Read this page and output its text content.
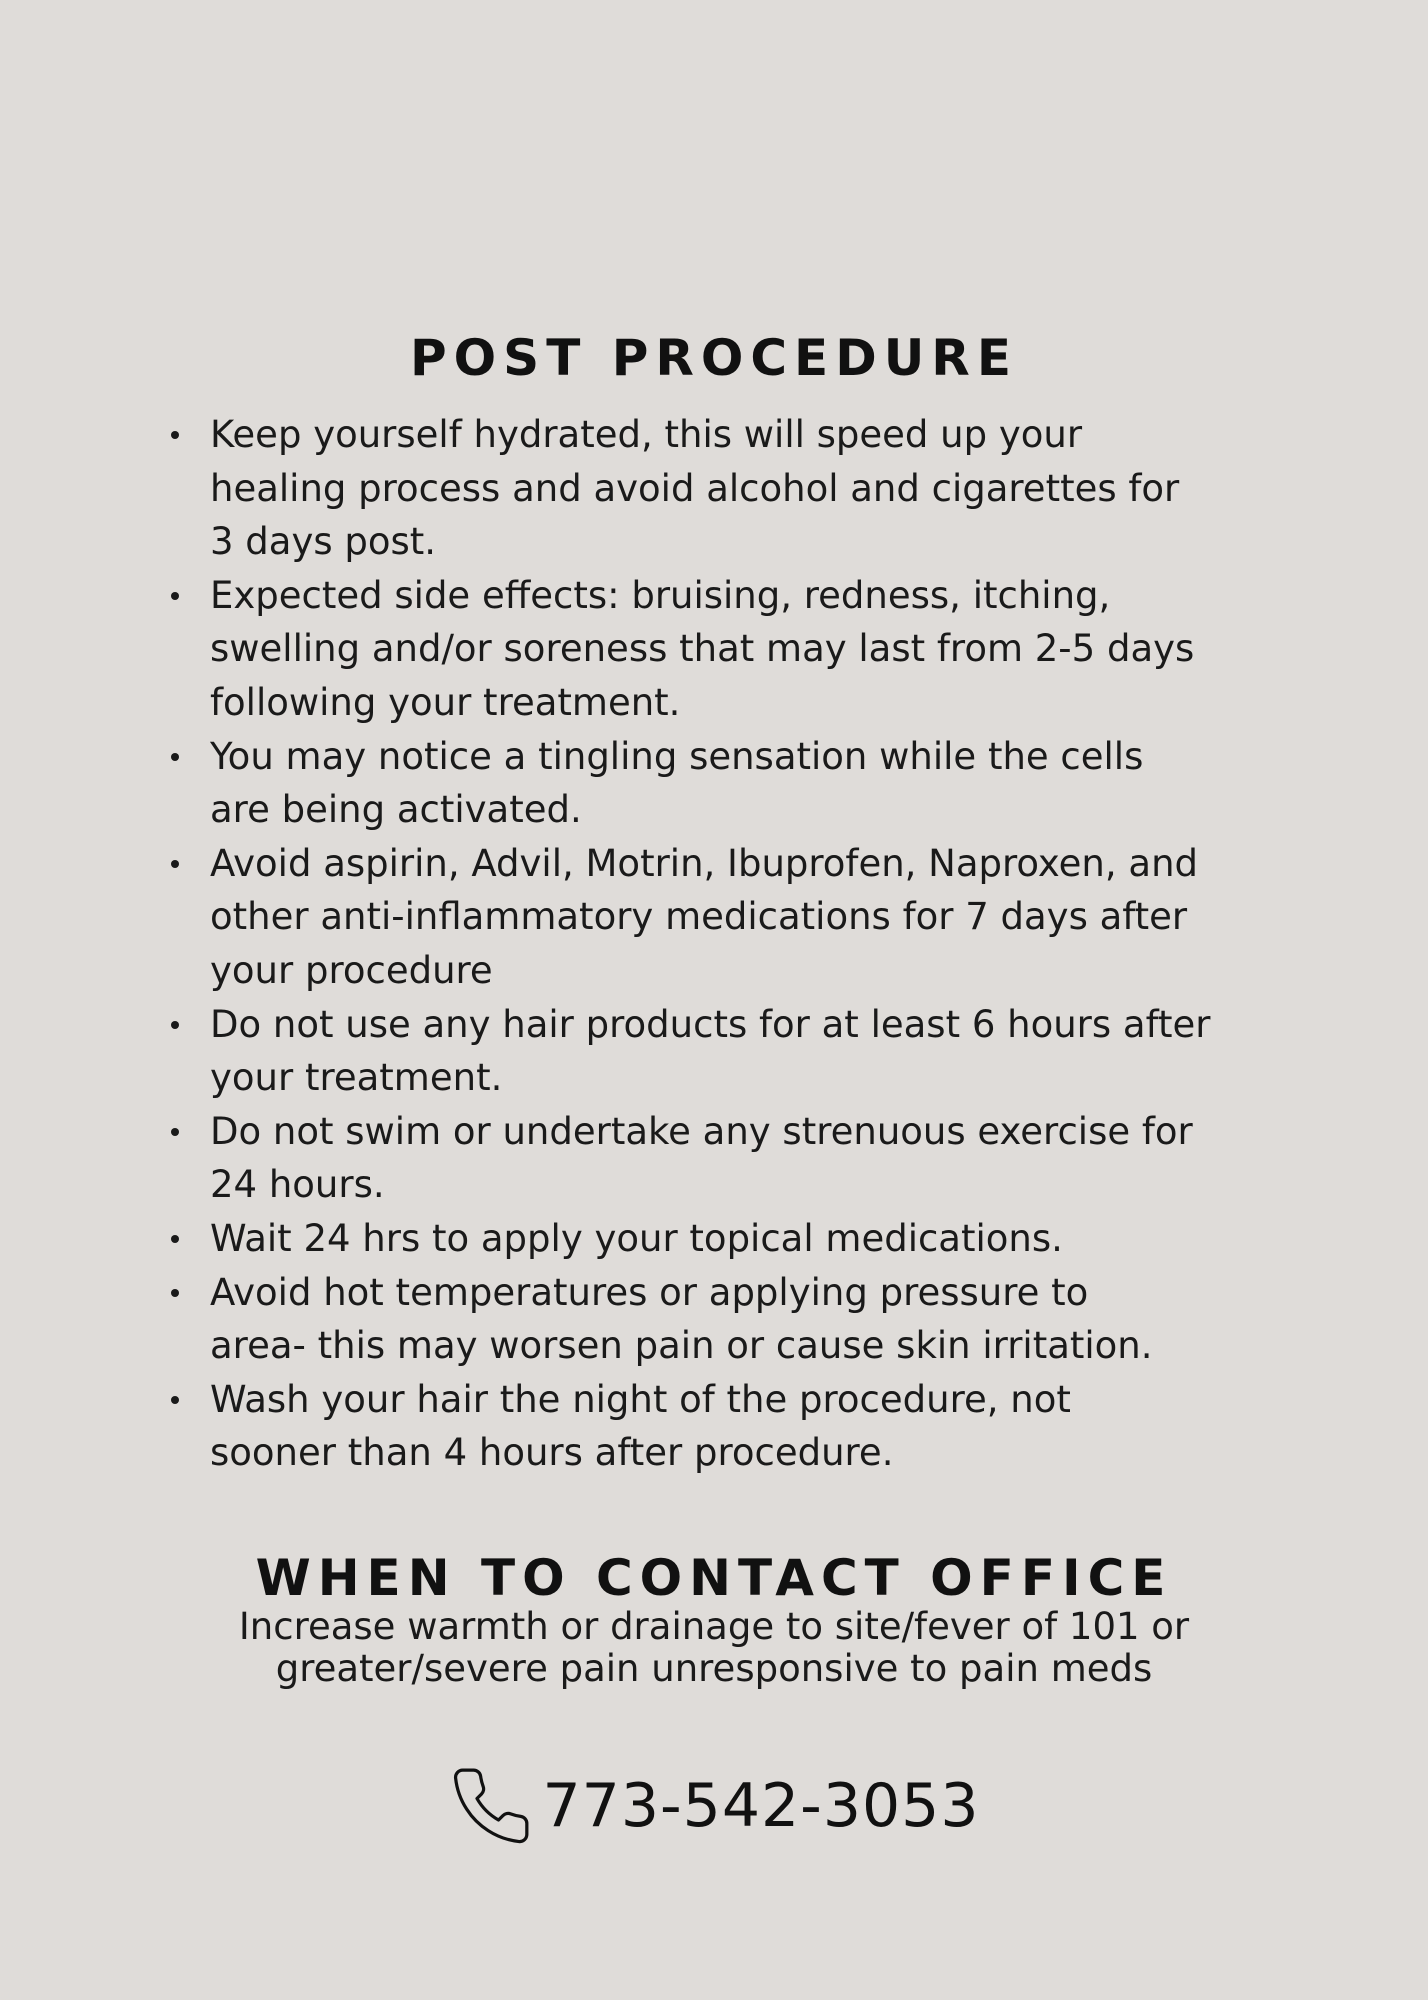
POST PROCEDURE
Keep yourself hydrated, this will speed up your
healing process and avoid alcohol and cigarettes for
3 days post.
Expected side effects: bruising, redness, itching,
swelling and/or soreness that may last from 2-5 days
following your treatment.
You may notice a tingling sensation while the cells
are being activated.
Avoid aspirin, Advil, Motrin, Ibuprofen, Naproxen, and
other anti-inflammatory medications for 7 days after
your procedure
Do not use any hair products for at least 6 hours after
your treatment.
Do not swim or undertake any strenuous exercise for
24 hours.
Wait 24 hrs to apply your topical medications.
Avoid hot temperatures or applying pressure to
area- this may worsen pain or cause skin irritation.
Wash your hair the night of the procedure, not
sooner than 4 hours after procedure.
WHEN TO CONTACT OFFICE
Increase warmth or drainage to site/fever of 101 or
greater/severe pain unresponsive to pain meds
773-542-3053
